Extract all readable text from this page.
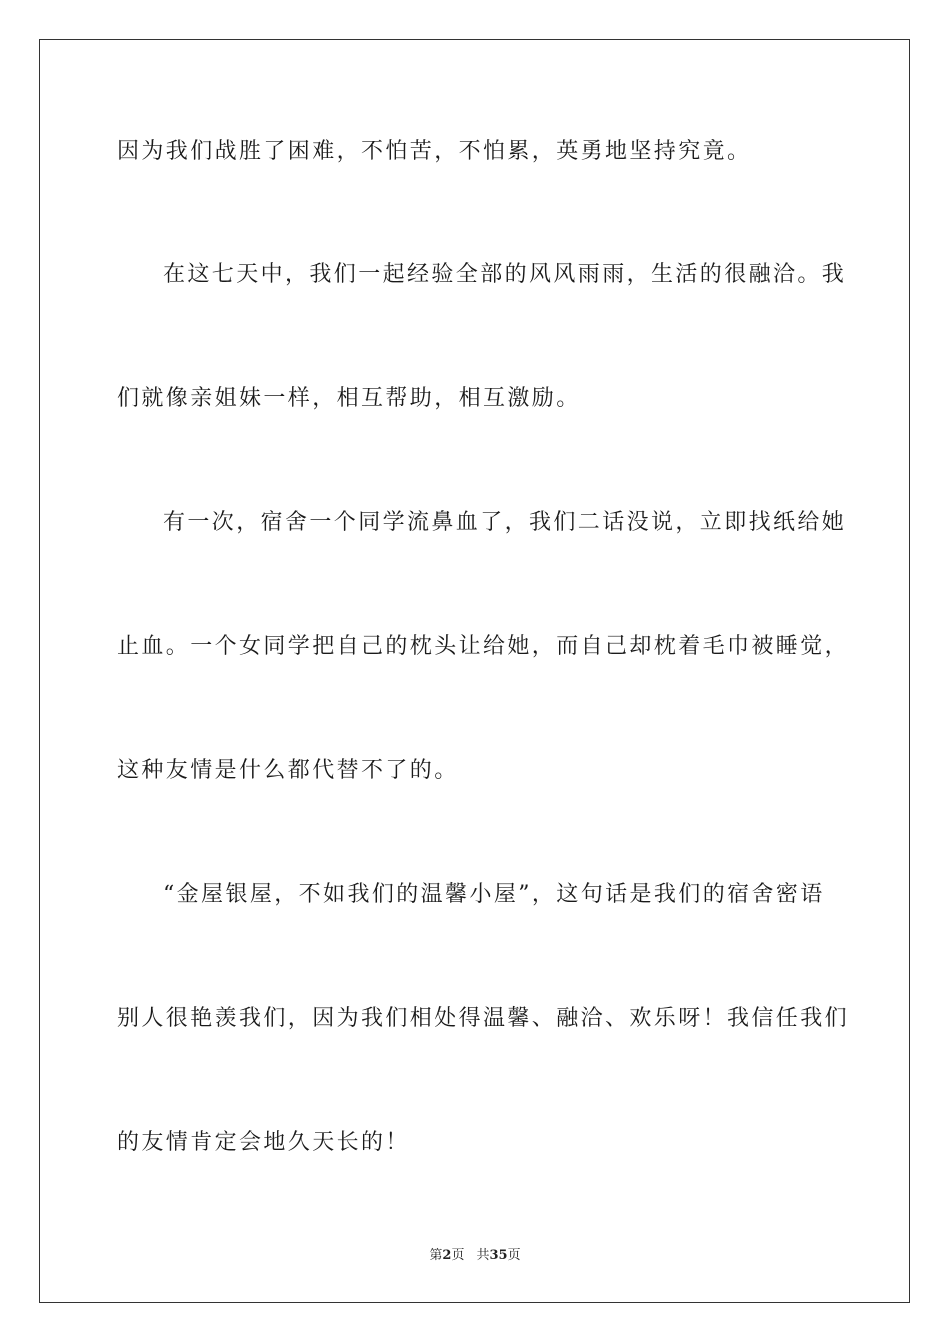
因为我们战胜了困难，不怕苦，不怕累，英勇地坚持究竟。
在这七天中，我们一起经验全部的风风雨雨，生活的很融洽。我
们就像亲姐妹一样，相互帮助，相互激励。
有一次，宿舍一个同学流鼻血了，我们二话没说，立即找纸给她
止血。一个女同学把自己的枕头让给她，而自己却枕着毛巾被睡觉，
这种友情是什么都代替不了的。
“金屋银屋，不如我们的温馨小屋”，这句话是我们的宿舍密语
别人很艳羡我们，因为我们相处得温馨、融洽、欢乐呀！我信任我们
的友情肯定会地久天长的！
第2页 共35页
